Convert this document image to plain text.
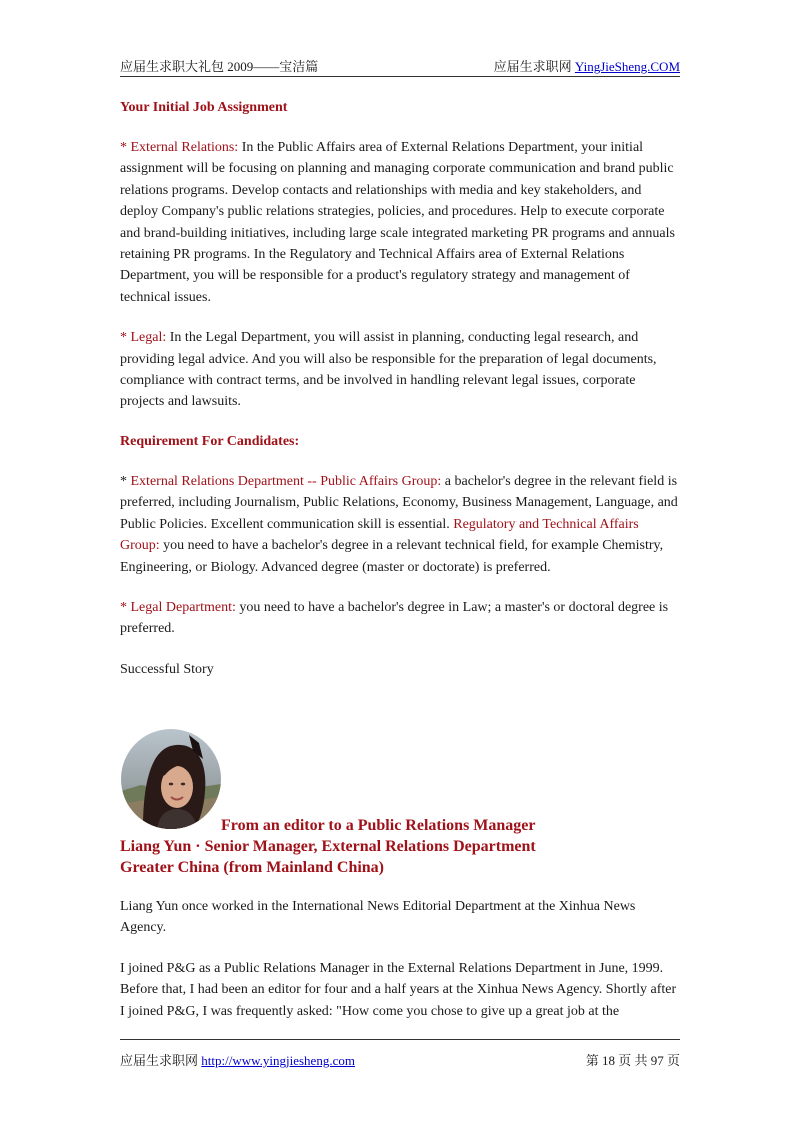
应届生求职大礼包 2009——宝洁篇	应届生求职网 YingJieSheng.COM
Your Initial Job Assignment

* External Relations: In the Public Affairs area of External Relations Department, your initial assignment will be focusing on planning and managing corporate communication and brand public relations programs. Develop contacts and relationships with media and key stakeholders, and deploy Company's public relations strategies, policies, and procedures. Help to execute corporate and brand-building initiatives, including large scale integrated marketing PR programs and annuals retaining PR programs. In the Regulatory and Technical Affairs area of External Relations Department, you will be responsible for a product's regulatory strategy and management of technical issues.

* Legal: In the Legal Department, you will assist in planning, conducting legal research, and providing legal advice. And you will also be responsible for the preparation of legal documents, compliance with contract terms, and be involved in handling relevant legal issues, corporate projects and lawsuits.

Requirement For Candidates:

* External Relations Department -- Public Affairs Group: a bachelor's degree in the relevant field is preferred, including Journalism, Public Relations, Economy, Business Management, Language, and Public Policies. Excellent communication skill is essential. Regulatory and Technical Affairs Group: you need to have a bachelor's degree in a relevant technical field, for example Chemistry, Engineering, or Biology. Advanced degree (master or doctorate) is preferred.

* Legal Department: you need to have a bachelor's degree in Law; a master's or doctoral degree is preferred.

Successful Story

From an editor to a Public Relations Manager
Liang Yun · Senior Manager, External Relations Department
Greater China (from Mainland China)

Liang Yun once worked in the International News Editorial Department at the Xinhua News Agency.

I joined P&G as a Public Relations Manager in the External Relations Department in June, 1999. Before that, I had been an editor for four and a half years at the Xinhua News Agency. Shortly after I joined P&G, I was frequently asked: "How come you chose to give up a great job at the

应届生求职网 http://www.yingjiesheng.com	第 18 页 共 97 页
